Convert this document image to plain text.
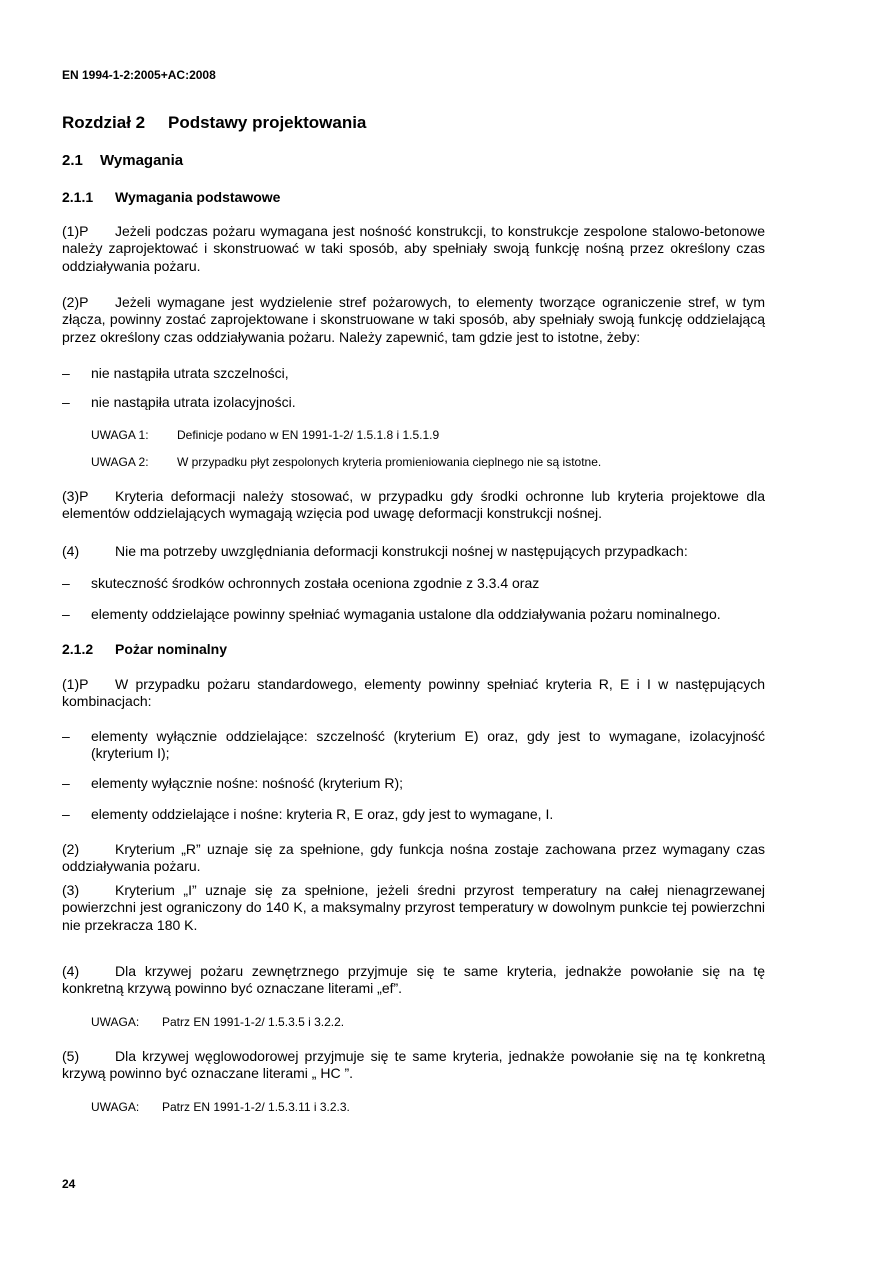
EN 1994-1-2:2005+AC:2008
Rozdział 2 Podstawy projektowania
2.1 Wymagania
2.1.1 Wymagania podstawowe
(1)P Jeżeli podczas pożaru wymagana jest nośność konstrukcji, to konstrukcje zespolone stalowo-betonowe należy zaprojektować i skonstruować w taki sposób, aby spełniały swoją funkcję nośną przez określony czas oddziaływania pożaru.
(2)P Jeżeli wymagane jest wydzielenie stref pożarowych, to elementy tworzące ograniczenie stref, w tym złącza, powinny zostać zaprojektowane i skonstruowane w taki sposób, aby spełniały swoją funkcję oddzielającą przez określony czas oddziaływania pożaru. Należy zapewnić, tam gdzie jest to istotne, żeby:
– nie nastąpiła utrata szczelności,
– nie nastąpiła utrata izolacyjności.
UWAGA 1: Definicje podano w EN 1991-1-2/ 1.5.1.8 i 1.5.1.9
UWAGA 2: W przypadku płyt zespolonych kryteria promieniowania cieplnego nie są istotne.
(3)P Kryteria deformacji należy stosować, w przypadku gdy środki ochronne lub kryteria projektowe dla elementów oddzielających wymagają wzięcia pod uwagę deformacji konstrukcji nośnej.
(4)	Nie ma potrzeby uwzględniania deformacji konstrukcji nośnej w następujących przypadkach:
– skuteczność środków ochronnych została oceniona zgodnie z 3.3.4 oraz
– elementy oddzielające powinny spełniać wymagania ustalone dla oddziaływania pożaru nominalnego.
2.1.2 Pożar nominalny
(1)P W przypadku pożaru standardowego, elementy powinny spełniać kryteria R, E i I w następujących kombinacjach:
– elementy wyłącznie oddzielające: szczelność (kryterium E) oraz, gdy jest to wymagane, izolacyjność (kryterium I);
– elementy wyłącznie nośne: nośność (kryterium R);
– elementy oddzielające i nośne: kryteria R, E oraz, gdy jest to wymagane, I.
(2)	Kryterium „R” uznaje się za spełnione, gdy funkcja nośna zostaje zachowana przez wymagany czas oddziaływania pożaru.
(3)	Kryterium „I” uznaje się za spełnione, jeżeli średni przyrost temperatury na całej nienagrzewanej powierzchni jest ograniczony do 140 K, a maksymalny przyrost temperatury w dowolnym punkcie tej powierzchni nie przekracza 180 K.
(4)	Dla krzywej pożaru zewnętrznego przyjmuje się te same kryteria, jednakże powołanie się na tę konkretną krzywą powinno być oznaczane literami „ef”.
UWAGA: Patrz EN 1991-1-2/ 1.5.3.5 i 3.2.2.
(5)	Dla krzywej węglowodorowej przyjmuje się te same kryteria, jednakże powołanie się na tę konkretną krzywą powinno być oznaczane literami „ HC ”.
UWAGA: Patrz EN 1991-1-2/ 1.5.3.11 i 3.2.3.
24
